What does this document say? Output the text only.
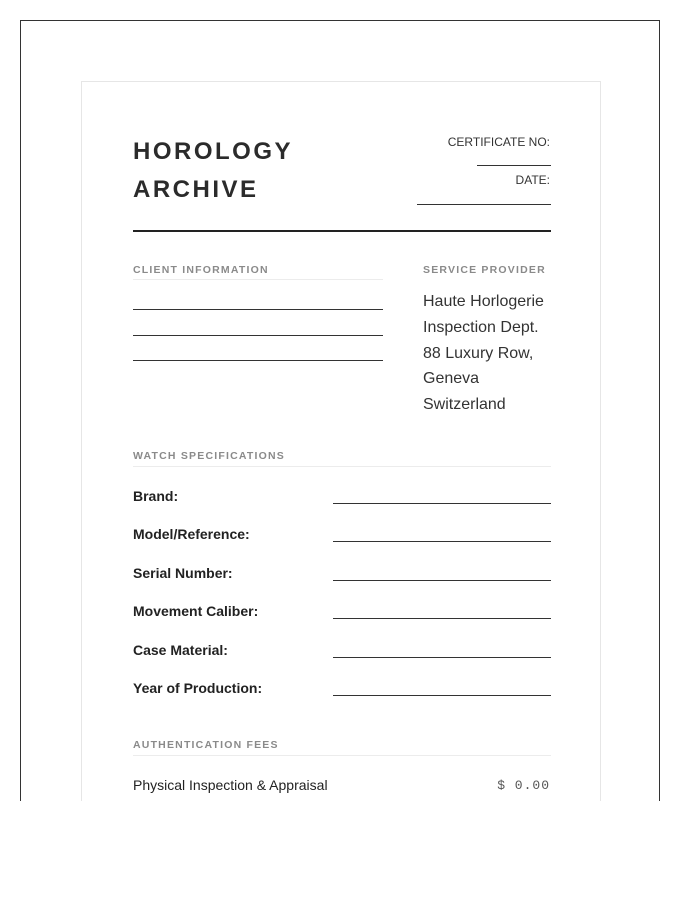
HOROLOGY
ARCHIVE
CERTIFICATE NO:
DATE:
CLIENT INFORMATION	SERVICE PROVIDER
Haute Horlogerie
Inspection Dept.
88 Luxury Row,
Geneva
Switzerland
WATCH SPECIFICATIONS
Brand:
Model/Reference:
Serial Number:
Movement Caliber:
Case Material:
Year of Production:
AUTHENTICATION FEES
Physical Inspection & Appraisal	$ 0.00
